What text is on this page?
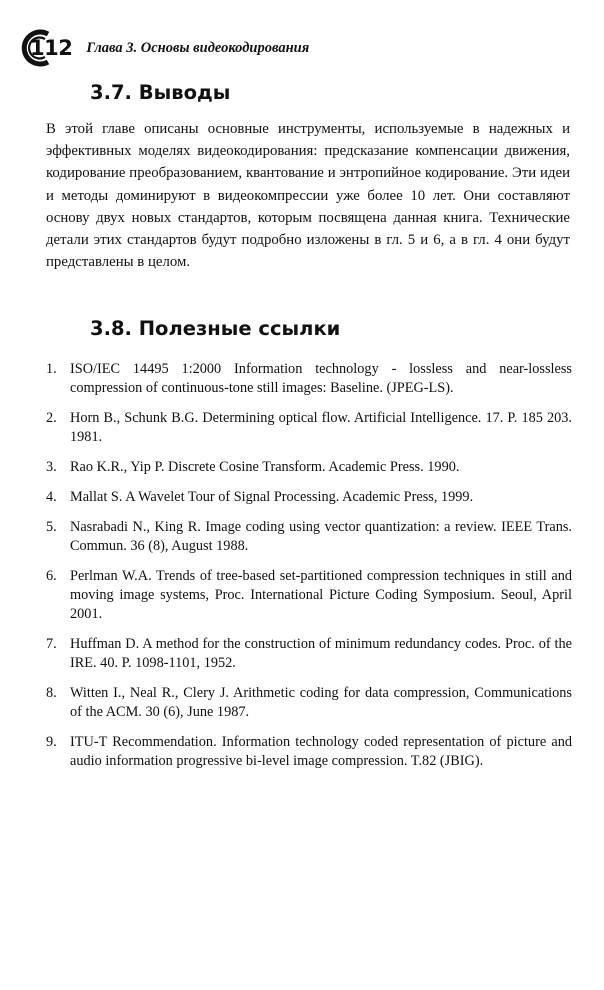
112 Глава 3. Основы видеокодирования
3.7. Выводы

В этой главе описаны основные инструменты, используемые в надежных и эффективных моделях видеокодирования: предсказание компенсации движения, кодирование преобразованием, квантование и энтропийное кодирование. Эти идеи и методы доминируют в видеокомпрессии уже более 10 лет. Они составляют основу двух новых стандартов, которым посвящена данная книга. Технические детали этих стандартов будут подробно изложены в гл. 5 и 6, а в гл. 4 они будут представлены в целом.

3.8. Полезные ссылки
1. ISO/IEC 14495 1:2000 Information technology - lossless and near-lossless compression of continuous-tone still images: Baseline. (JPEG-LS).
2. Horn B., Schunk B.G. Determining optical flow. Artificial Intelligence. 17. P. 185 203. 1981.
3. Rao K.R., Yip P. Discrete Cosine Transform. Academic Press. 1990.
4. Mallat S. A Wavelet Tour of Signal Processing. Academic Press, 1999.
5. Nasrabadi N., King R. Image coding using vector quantization: a review. IEEE Trans. Commun. 36 (8), August 1988.
6. Perlman W.A. Trends of tree-based set-partitioned compression techniques in still and moving image systems, Proc. International Picture Coding Symposium. Seoul, April 2001.
7. Huffman D. A method for the construction of minimum redundancy codes. Proc. of the IRE. 40. P. 1098-1101, 1952.
8. Witten I., Neal R., Clery J. Arithmetic coding for data compression, Communications of the ACM. 30 (6), June 1987.
9. ITU-T Recommendation. Information technology coded representation of picture and audio information progressive bi-level image compression. T.82 (JBIG).
